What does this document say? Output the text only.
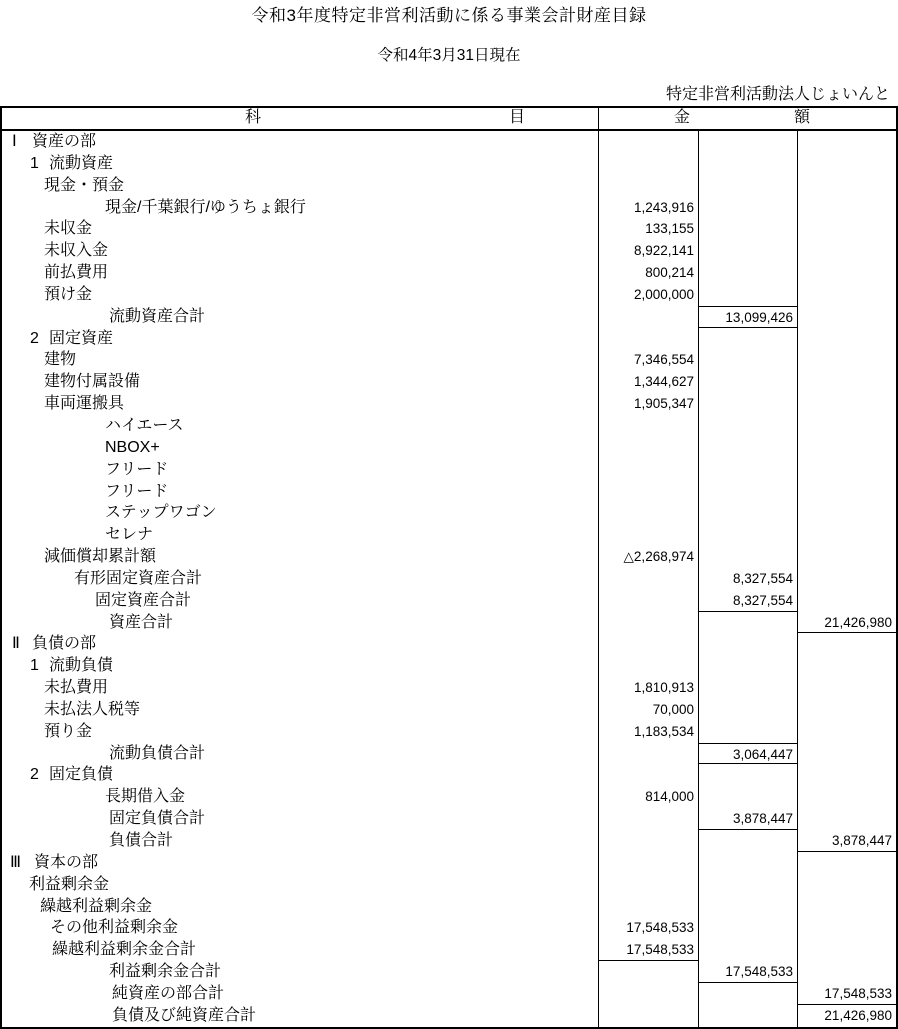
令和3年度特定非営利活動に係る事業会計財産目録
令和4年3月31日現在
特定非営利活動法人じょいんと
科	目	金	額
Ⅰ 資産の部
1 流動資産
現金・預金
現金/千葉銀行/ゆうちょ銀行	1,243,916
未収金	133,155
未収入金	8,922,141
前払費用	800,214
預け金	2,000,000
流動資産合計	13,099,426
2 固定資産
建物	7,346,554
建物付属設備	1,344,627
車両運搬具	1,905,347
ハイエース
NBOX+
フリード
フリード
ステップワゴン
セレナ
減価償却累計額	△2,268,974
有形固定資産合計	8,327,554
固定資産合計	8,327,554
資産合計	21,426,980
Ⅱ 負債の部
1 流動負債
未払費用	1,810,913
未払法人税等	70,000
預り金	1,183,534
流動負債合計	3,064,447
2 固定負債
長期借入金	814,000
固定負債合計	3,878,447
負債合計	3,878,447
Ⅲ 資本の部
利益剰余金
繰越利益剰余金
その他利益剰余金	17,548,533
繰越利益剰余金合計	17,548,533
利益剰余金合計	17,548,533
純資産の部合計	17,548,533
負債及び純資産合計	21,426,980
